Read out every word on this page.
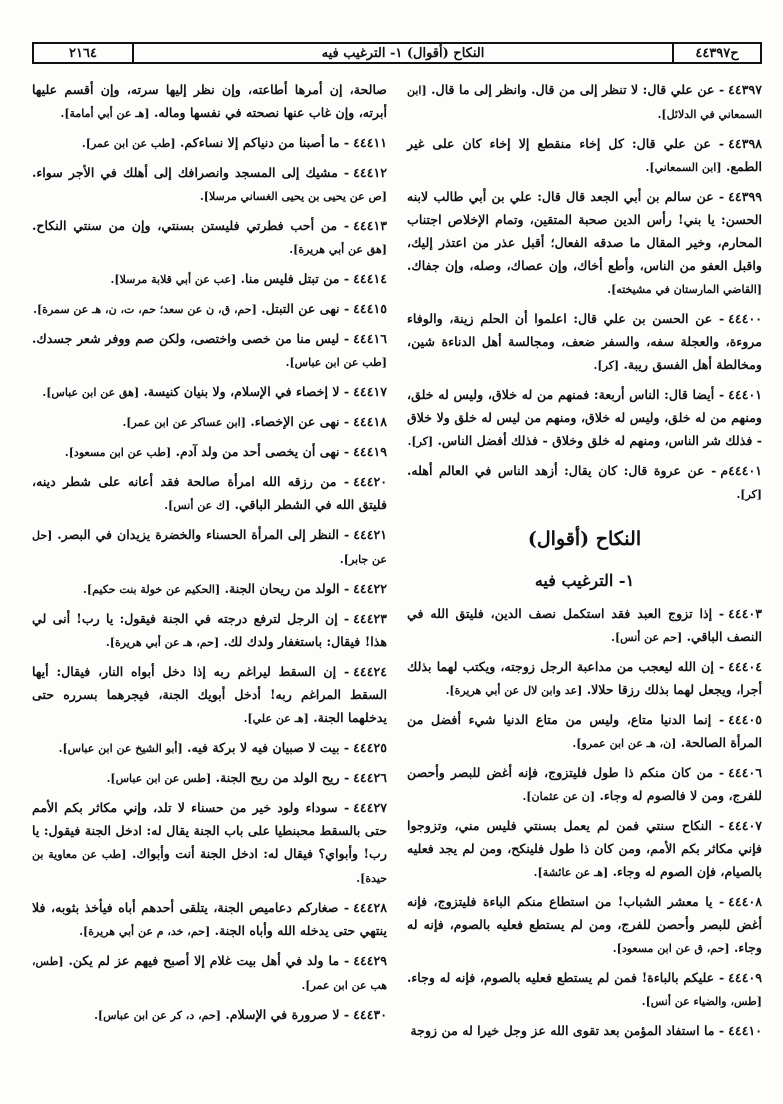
ح٤٤٣٩٧
النكاح (أقوال) ١- الترغيب فيه
٢١٦٤

٤٤٣٩٧- عن علي قال: لا تنظر إلى من قال. وانظر إلى ما قال. [ابن السمعاني في الدلائل].

٤٤٣٩٨- عن علي قال: كل إخاء منقطع إلا إخاء كان على غير الطمع. [ابن السمعاني].

٤٤٣٩٩- عن سالم بن أبي الجعد قال قال: علي بن أبي طالب لابنه الحسن: يا بني! رأس الدين صحبة المتقين، وتمام الإخلاص اجتناب المحارم، وخير المقال ما صدقه الفعال؛ أقبل عذر من اعتذر إليك، واقبل العفو من الناس، وأطع أخاك، وإن عصاك، وصله، وإن جفاك. [القاضي المارستان في مشيخته].

٤٤٤٠٠- عن الحسن بن علي قال: اعلموا أن الحلم زينة، والوفاء مروءة، والعجلة سفه، والسفر ضعف، ومجالسة أهل الدناءة شين، ومخالطة أهل الفسق ريبة. [كر].

٤٤٤٠١- أيضا قال: الناس أربعة: فمنهم من له خلاق، وليس له خلق، ومنهم من له خلق، وليس له خلاق، ومنهم من ليس له خلق ولا خلاق - فذلك شر الناس، ومنهم له خلق وخلاق - فذلك أفضل الناس. [كر].

٤٤٤٠١م- عن عروة قال: كان يقال: أزهد الناس في العالم أهله. [كر].

النكاح (أقوال)
١- الترغيب فيه

٤٤٤٠٣- إذا تزوج العبد فقد استكمل نصف الدين، فليتق الله في النصف الباقي. [حم عن أنس].

٤٤٤٠٤- إن الله ليعجب من مداعبة الرجل زوجته، ويكتب لهما بذلك أجرا، ويجعل لهما بذلك رزقا حلالا. [عد وابن لال عن أبي هريرة].

٤٤٤٠٥- إنما الدنيا متاع، وليس من متاع الدنيا شيء أفضل من المرأة الصالحة. [ن، هـ عن ابن عمرو].

٤٤٤٠٦- من كان منكم ذا طول فليتزوج، فإنه أغض للبصر وأحصن للفرج، ومن لا فالصوم له وجاء. [ن عن عثمان].

٤٤٤٠٧- النكاح سنتي فمن لم يعمل بسنتي فليس مني، وتزوجوا فإني مكاثر بكم الأمم، ومن كان ذا طول فلينكح، ومن لم يجد فعليه بالصيام، فإن الصوم له وجاء. [هـ عن عائشة].

٤٤٤٠٨- يا معشر الشباب! من استطاع منكم الباءة فليتزوج، فإنه أغض للبصر وأحصن للفرج، ومن لم يستطع فعليه بالصوم، فإنه له وجاء. [حم، ق عن ابن مسعود].

٤٤٤٠٩- عليكم بالباءة! فمن لم يستطع فعليه بالصوم، فإنه له وجاء. [طس، والضياء عن أنس].

٤٤٤١٠- ما استفاد المؤمن بعد تقوى الله عز وجل خيرا له من زوجة

صالحة، إن أمرها أطاعته، وإن نظر إليها سرته، وإن أقسم عليها أبرته، وإن غاب عنها نصحته في نفسها وماله. [هـ عن أبي أمامة].

٤٤٤١١- ما أصبنا من دنياكم إلا نساءكم. [طب عن ابن عمر].

٤٤٤١٢- مشيك إلى المسجد وانصرافك إلى أهلك في الأجر سواء. [ص عن يحيى بن يحيى الغساني مرسلا].

٤٤٤١٣- من أحب فطرتي فليستن بسنتي، وإن من سنتي النكاح. [هق عن أبي هريرة].

٤٤٤١٤- من تبتل فليس منا. [عب عن أبي قلابة مرسلا].

٤٤٤١٥- نهى عن التبتل. [حم، ق، ن عن سعد؛ حم، ت، ن، هـ عن سمرة].

٤٤٤١٦- ليس منا من خصى واختصى، ولكن صم ووفر شعر جسدك. [طب عن ابن عباس].

٤٤٤١٧- لا إخصاء في الإسلام، ولا بنيان كنيسة. [هق عن ابن عباس].

٤٤٤١٨- نهى عن الإخصاء. [ابن عساكر عن ابن عمر].

٤٤٤١٩- نهى أن يخصى أحد من ولد آدم. [طب عن ابن مسعود].

٤٤٤٢٠- من رزقه الله امرأة صالحة فقد أعانه على شطر دينه، فليتق الله في الشطر الباقي. [ك عن أنس].

٤٤٤٢١- النظر إلى المرأة الحسناء والخضرة يزيدان في البصر. [حل عن جابر].

٤٤٤٢٢- الولد من ريحان الجنة. [الحكيم عن خولة بنت حكيم].

٤٤٤٢٣- إن الرجل لترفع درجته في الجنة فيقول: يا رب! أنى لي هذا! فيقال: باستغفار ولدك لك. [حم، هـ عن أبي هريرة].

٤٤٤٢٤- إن السقط ليراغم ربه إذا دخل أبواه النار، فيقال: أيها السقط المراغم ربه! أدخل أبويك الجنة، فيجرهما بسرره حتى يدخلهما الجنة. [هـ عن علي].

٤٤٤٢٥- بيت لا صبيان فيه لا بركة فيه. [أبو الشيخ عن ابن عباس].

٤٤٤٢٦- ريح الولد من ريح الجنة. [طس عن ابن عباس].

٤٤٤٢٧- سوداء ولود خير من حسناء لا تلد، وإني مكاثر بكم الأمم حتى بالسقط محبنطيا على باب الجنة يقال له: ادخل الجنة فيقول: يا رب! وأبواي؟ فيقال له: ادخل الجنة أنت وأبواك. [طب عن معاوية بن حيدة].

٤٤٤٢٨- صغاركم دعاميص الجنة، يتلقى أحدهم أباه فيأخذ بثوبه، فلا ينتهي حتى يدخله الله وأباه الجنة. [حم، خد، م عن أبي هريرة].

٤٤٤٢٩- ما ولد في أهل بيت غلام إلا أصبح فيهم عز لم يكن. [طس، هب عن ابن عمر].

٤٤٤٣٠- لا صرورة في الإسلام. [حم، د، كر عن ابن عباس].
